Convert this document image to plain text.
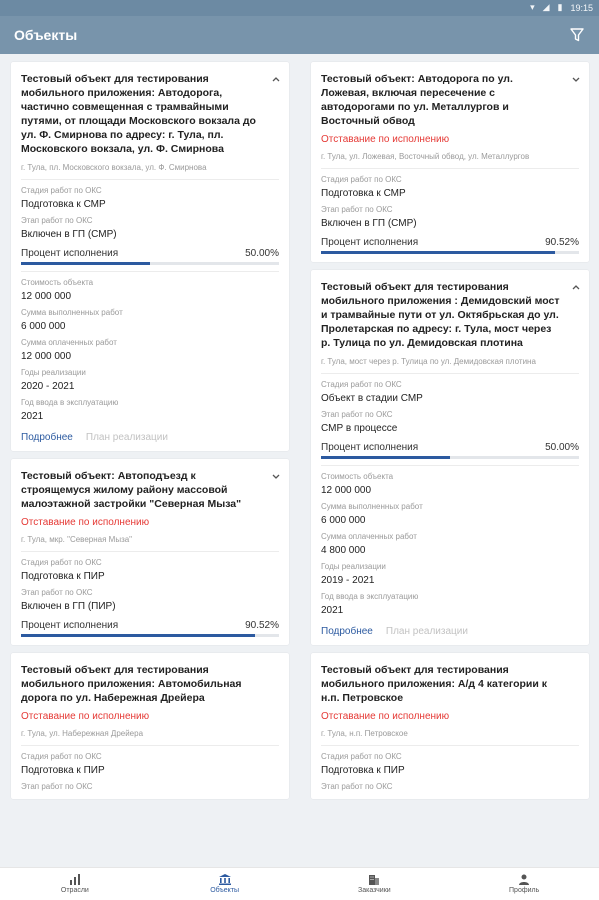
▾ ◢ ▮ 19:15
Объекты
Тестовый объект для тестирования мобильного приложения: Автодорога, частично совмещенная с трамвайными путями, от площади Московского вокзала до ул. Ф. Смирнова по адресу: г. Тула, пл. Московского вокзала, ул. Ф. Смирнова
г. Тула, пл. Московского вокзала, ул. Ф. Смирнова
Стадия работ по ОКС
Подготовка к СМР
Этап работ по ОКС
Включен в ГП (СМР)
Процент исполнения	50.00%
Стоимость объекта
12 000 000
Сумма выполненных работ
6 000 000
Сумма оплаченных работ
12 000 000
Годы реализации
2020 - 2021
Год ввода в эксплуатацию
2021
Подробнее План реализации
Тестовый объект: Автоподъезд к строящемуся жилому району массовой малоэтажной застройки "Северная Мыза"
Отставание по исполнению
г. Тула, мкр. "Северная Мыза"
Стадия работ по ОКС
Подготовка к ПИР
Этап работ по ОКС
Включен в ГП (ПИР)
Процент исполнения	90.52%
Тестовый объект для тестирования мобильного приложения: Автомобильная дорога по ул. Набережная Дрейера
Отставание по исполнению
г. Тула, ул. Набережная Дрейера
Стадия работ по ОКС
Подготовка к ПИР
Этап работ по ОКС
Тестовый объект: Автодорога по ул. Ложевая, включая пересечение с автодорогами по ул. Металлургов и Восточный обвод
Отставание по исполнению
г. Тула, ул. Ложевая, Восточный обвод, ул. Металлургов
Стадия работ по ОКС
Подготовка к СМР
Этап работ по ОКС
Включен в ГП (СМР)
Процент исполнения	90.52%
Тестовый объект для тестирования мобильного приложения : Демидовский мост и трамвайные пути от ул. Октябрьская до ул. Пролетарская по адресу: г. Тула, мост через р. Тулица по ул. Демидовская плотина
г. Тула, мост через р. Тулица по ул. Демидовская плотина
Стадия работ по ОКС
Объект в стадии СМР
Этап работ по ОКС
СМР в процессе
Процент исполнения	50.00%
Стоимость объекта
12 000 000
Сумма выполненных работ
6 000 000
Сумма оплаченных работ
4 800 000
Годы реализации
2019 - 2021
Год ввода в эксплуатацию
2021
Подробнее План реализации
Тестовый объект для тестирования мобильного приложения: А/д 4 категории к н.п. Петровское
Отставание по исполнению
г. Тула, н.п. Петровское
Стадия работ по ОКС
Подготовка к ПИР
Этап работ по ОКС
Отрасли	Объекты	Заказчики	Профиль
